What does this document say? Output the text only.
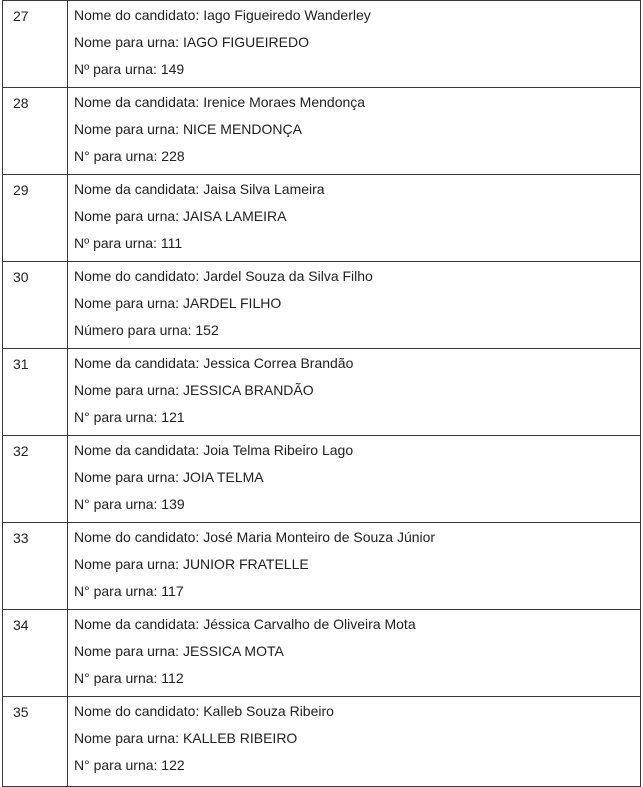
27	Nome do candidato: Iago Figueiredo Wanderley
Nome para urna: IAGO FIGUEIREDO
Nº para urna: 149

28	Nome da candidata: Irenice Moraes Mendonça
Nome para urna: NICE MENDONÇA
N° para urna: 228

29	Nome da candidata: Jaisa Silva Lameira
Nome para urna: JAISA LAMEIRA
Nº para urna: 111

30	Nome do candidato: Jardel Souza da Silva Filho
Nome para urna: JARDEL FILHO
Número para urna: 152

31	Nome da candidata: Jessica Correa Brandão
Nome para urna: JESSICA BRANDÃO
N° para urna: 121

32	Nome da candidata: Joia Telma Ribeiro Lago
Nome para urna: JOIA TELMA
N° para urna: 139

33	Nome do candidato: José Maria Monteiro de Souza Júnior
Nome para urna: JUNIOR FRATELLE
N° para urna: 117

34	Nome da candidata: Jéssica Carvalho de Oliveira Mota
Nome para urna: JESSICA MOTA
N° para urna: 112

35	Nome do candidato: Kalleb Souza Ribeiro
Nome para urna: KALLEB RIBEIRO
N° para urna: 122
